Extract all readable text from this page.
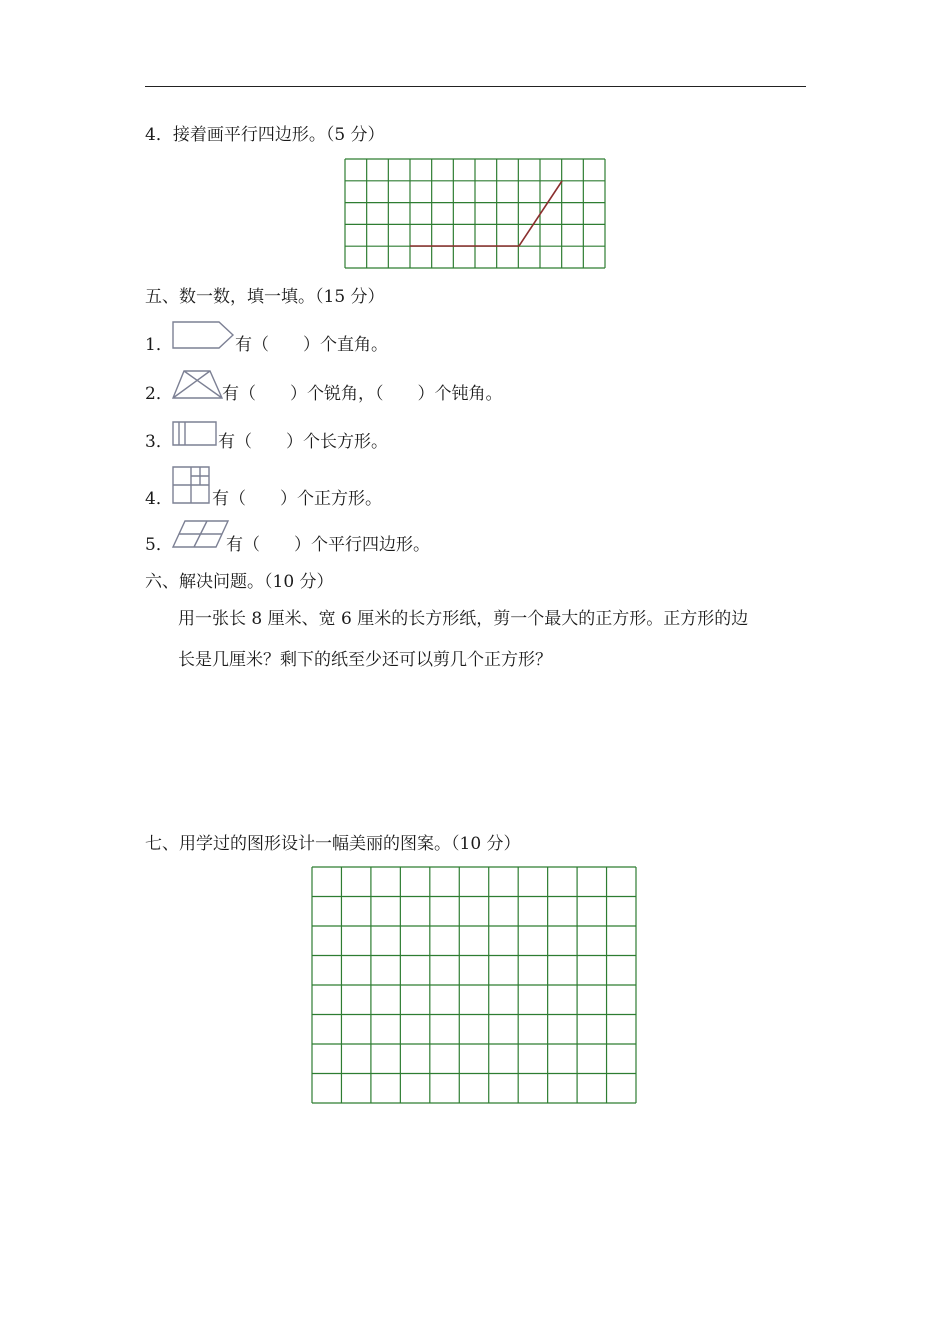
4．接着画平行四边形。（5 分）
五、数一数，填一填。（15 分）
1．	有（　　）个直角。
2．	有（　　）个锐角，（　　）个钝角。
3．	有（　　）个长方形。
4． 有（　　）个正方形。
5．	有（　　）个平行四边形。
六、解决问题。（10 分）
用一张长 8 厘米、宽 6 厘米的长方形纸，剪一个最大的正方形。正方形的边
长是几厘米？剩下的纸至少还可以剪几个正方形？
七、用学过的图形设计一幅美丽的图案。（10 分）
